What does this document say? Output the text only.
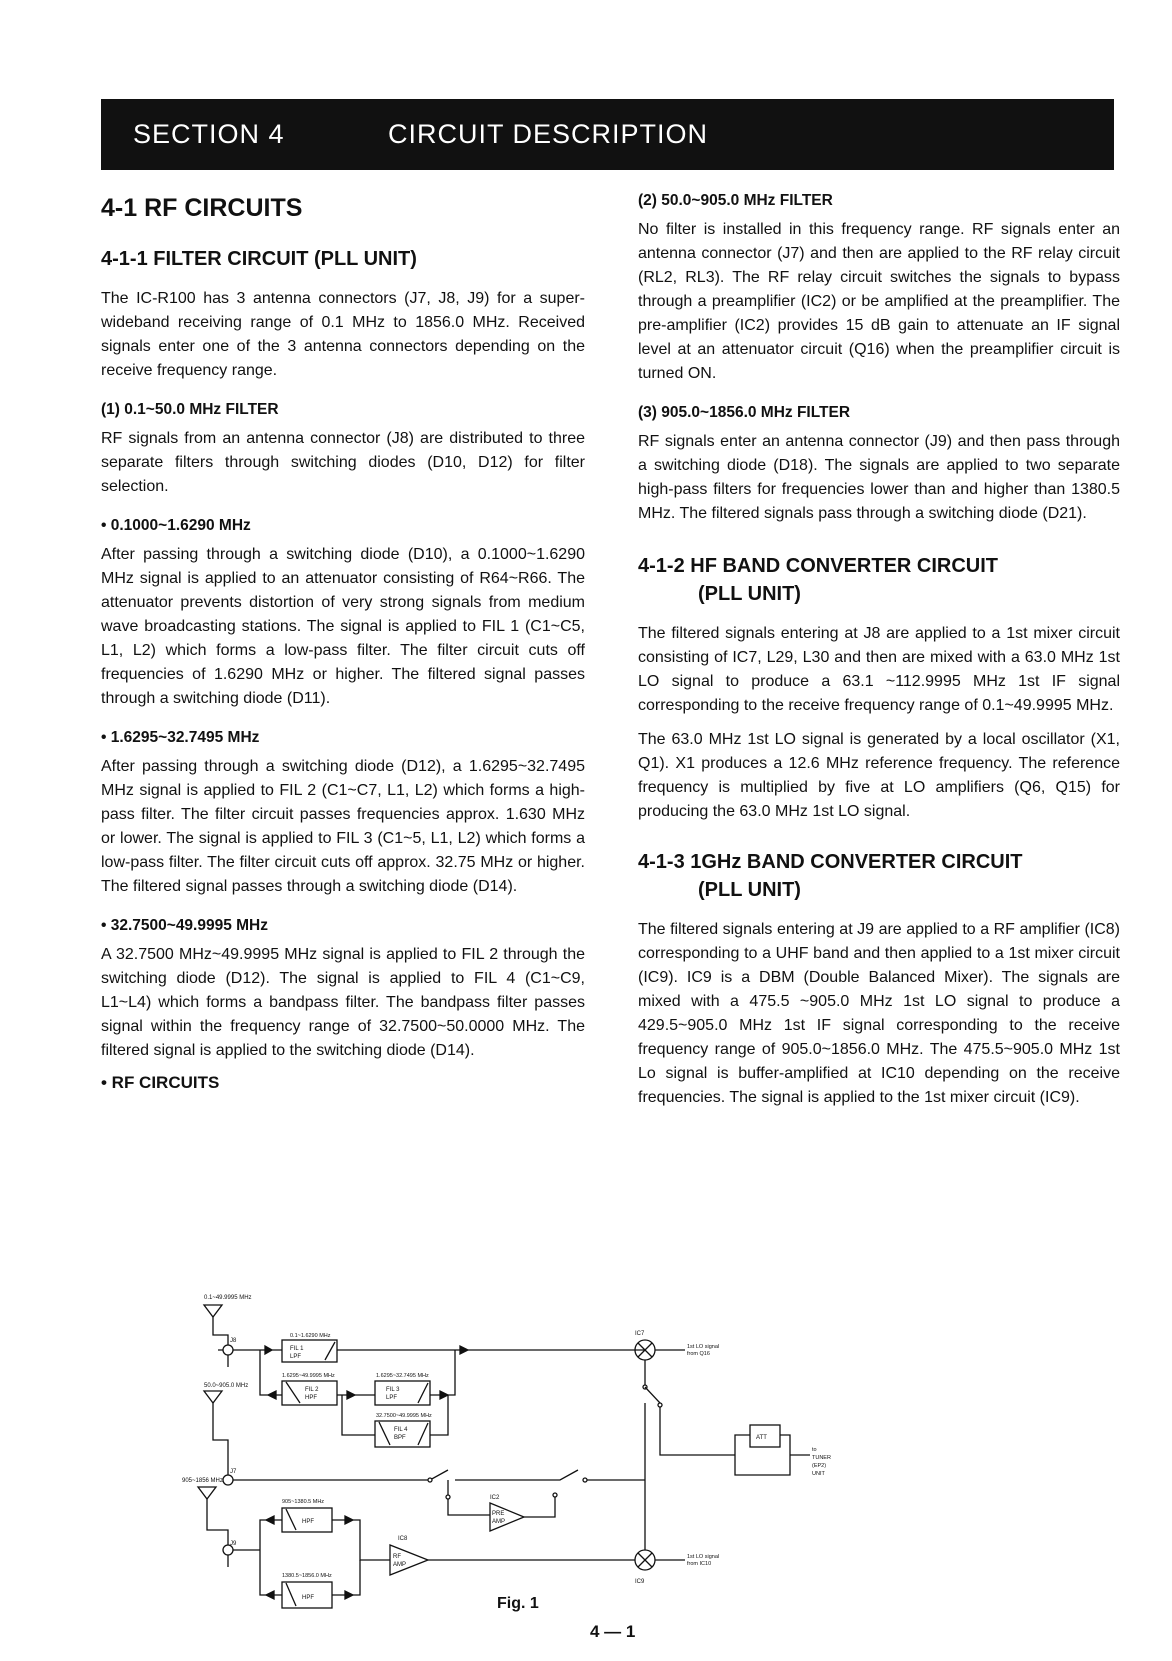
SECTION 4	CIRCUIT DESCRIPTION
4-1 RF CIRCUITS
4-1-1 FILTER CIRCUIT (PLL UNIT)

The IC-R100 has 3 antenna connectors (J7, J8, J9) for a super-wideband receiving range of 0.1 MHz to 1856.0 MHz. Received signals enter one of the 3 antenna connectors depending on the receive frequency range.

(1) 0.1~50.0 MHz FILTER

RF signals from an antenna connector (J8) are distributed to three separate filters through switching diodes (D10, D12) for filter selection.

• 0.1000~1.6290 MHz

After passing through a switching diode (D10), a 0.1000~1.6290 MHz signal is applied to an attenuator consisting of R64~R66. The attenuator prevents distortion of very strong signals from medium wave broadcasting stations. The signal is applied to FIL 1 (C1~C5, L1, L2) which forms a low-pass filter. The filter circuit cuts off frequencies of 1.6290 MHz or higher. The filtered signal passes through a switching diode (D11).

• 1.6295~32.7495 MHz

After passing through a switching diode (D12), a 1.6295~32.7495 MHz signal is applied to FIL 2 (C1~C7, L1, L2) which forms a high-pass filter. The filter circuit passes frequencies approx. 1.630 MHz or lower. The signal is applied to FIL 3 (C1~5, L1, L2) which forms a low-pass filter. The filter circuit cuts off approx. 32.75 MHz or higher. The filtered signal passes through a switching diode (D14).

• 32.7500~49.9995 MHz

A 32.7500 MHz~49.9995 MHz signal is applied to FIL 2 through the switching diode (D12). The signal is applied to FIL 4 (C1~C9, L1~L4) which forms a bandpass filter. The bandpass filter passes signal within the frequency range of 32.7500~50.0000 MHz. The filtered signal is applied to the switching diode (D14).

• RF CIRCUITS
(2) 50.0~905.0 MHz FILTER

No filter is installed in this frequency range. RF signals enter an antenna connector (J7) and then are applied to the RF relay circuit (RL2, RL3). The RF relay circuit switches the signals to bypass through a preamplifier (IC2) or be amplified at the preamplifier. The pre-amplifier (IC2) provides 15 dB gain to attenuate an IF signal level at an attenuator circuit (Q16) when the preamplifier circuit is turned ON.

(3) 905.0~1856.0 MHz FILTER

RF signals enter an antenna connector (J9) and then pass through a switching diode (D18). The signals are applied to two separate high-pass filters for frequencies lower than and higher than 1380.5 MHz. The filtered signals pass through a switching diode (D21).

4-1-2 HF BAND CONVERTER CIRCUIT
(PLL UNIT)

The filtered signals entering at J8 are applied to a 1st mixer circuit consisting of IC7, L29, L30 and then are mixed with a 63.0 MHz 1st LO signal to produce a 63.1 ~112.9995 MHz 1st IF signal corresponding to the receive frequency range of 0.1~49.9995 MHz.

The 63.0 MHz 1st LO signal is generated by a local oscillator (X1, Q1). X1 produces a 12.6 MHz reference frequency. The reference frequency is multiplied by five at LO amplifiers (Q6, Q15) for producing the 63.0 MHz 1st LO signal.

4-1-3 1GHz BAND CONVERTER CIRCUIT
(PLL UNIT)

The filtered signals entering at J9 are applied to a RF amplifier (IC8) corresponding to a UHF band and then applied to a 1st mixer circuit (IC9). IC9 is a DBM (Double Balanced Mixer). The signals are mixed with a 475.5 ~905.0 MHz 1st LO signal to produce a 429.5~905.0 MHz 1st IF signal corresponding to the receive frequency range of 905.0~1856.0 MHz. The 475.5~905.0 MHz 1st Lo signal is buffer-amplified at IC10 depending on the receive frequencies. The signal is applied to the 1st mixer circuit (IC9).

0.1~49.9995 MHz
J8
0.1~1.6290 MHz
FIL 1
LPF
1.6295~49.9995 MHz
FIL 2
HPF
1.6295~32.7495 MHz
FIL 3
LPF
32.7500~49.9995 MHz
FIL 4
BPF
50.0~905.0 MHz
J7
IC2
PRE
AMP
905~1856 MHz
J9
905~1380.5 MHz
HPF
1380.5~1856.0 MHz
HPF
IC8
RF
AMP
IC7
1st LO signal
from Q16
IC9
1st LO signal
from IC10
ATT
to
TUNER
(EP2)
UNIT
Fig. 1
4 — 1
